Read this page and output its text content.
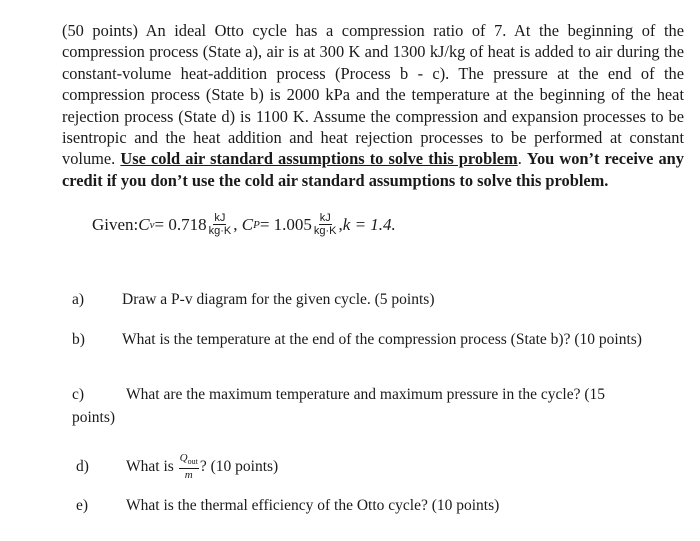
(50 points) An ideal Otto cycle has a compression ratio of 7. At the beginning of the compression process (State a), air is at 300 K and 1300 kJ/kg of heat is added to air during the constant-volume heat-addition process (Process b - c). The pressure at the end of the compression process (State b) is 2000 kPa and the temperature at the beginning of the heat rejection process (State d) is 1100 K. Assume the compression and expansion processes to be isentropic and the heat addition and heat rejection processes to be performed at constant volume. Use cold air standard assumptions to solve this problem. You won’t receive any credit if you don’t use the cold air standard assumptions to solve this problem.
Given: C $v = 0.718 \frac{kJ}{kg\cdot K}$ ,
C $P = 1.005 \frac{kJ}{kg\cdot K}$ , k = 1.4.
a) Draw a P-v diagram for the given cycle. (5 points)
b) What is the temperature at the end of the compression process (State b)? (10 points)
c)	What are the maximum temperature and maximum pressure in the cycle? (15
points)
d)	What is $\frac{Q_{out}}{m}$ ? (10 points)
e) What is the thermal efficiency of the Otto cycle? (10 points)
